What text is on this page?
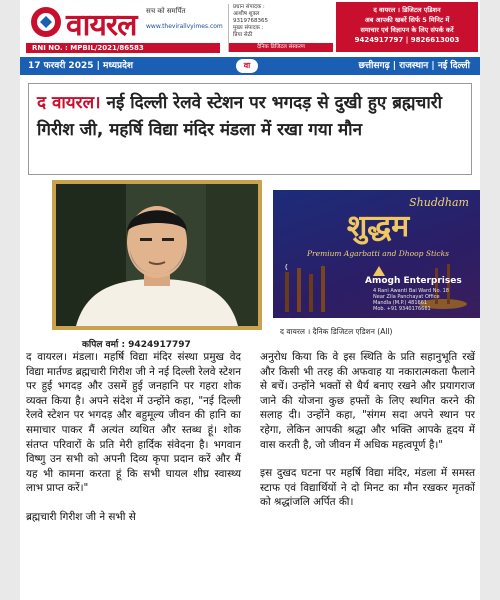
वायरल सच को समर्पित
www.thevirallvyimes.com
RNI NO. : MPBIL/2021/86583
प्रधान संपादक :
आशीष शुक्ल
9319768365
मुख्य संपादक :
प्रिया सेठी
दैनिक डिजिटल संस्करण
द वायरल । डिजिटल एडिशन
अब आपकी खबरें सिर्फ 5 मिनिट में
समाचार एवं विज्ञापन के लिए संपर्क करें
9424917797 | 9826613003
17 फरवरी 2025 | मध्यप्रदेश	वा	छत्तीसगढ़ | राजस्थान | नई दिल्ली
द वायरल। नई दिल्ली रेलवे स्टेशन पर भगदड़ से दुखी हुए ब्रह्मचारी गिरीश जी, महर्षि विद्या मंदिर मंडला में रखा गया मौन
कपिल वर्मा : 9424917797
Shuddham
शुद्धम
Premium Agarbatti and Dhoop Sticks
Amogh Enterprises
4 Rani Awanti Bai Ward No. 18
Near Zila Panchayat Office
Mandla (M.P.) 481661
Mob. +91 9340176661
द वायरल । दैनिक डिजिटल एडिशन (All)

द वायरल। मंडला। महर्षि विद्या मंदिर संस्था प्रमुख वेद विद्या मार्तण्ड ब्रह्मचारी गिरीश जी ने नई दिल्ली रेलवे स्टेशन पर हुई भगदड़ और उसमें हुई जनहानि पर गहरा शोक व्यक्त किया है। अपने संदेश में उन्होंने कहा, "नई दिल्ली रेलवे स्टेशन पर भगदड़ और बहुमूल्य जीवन की हानि का समाचार पाकर मैं अत्यंत व्यथित और स्तब्ध हूं। शोक संतप्त परिवारों के प्रति मेरी हार्दिक संवेदना है। भगवान विष्णु उन सभी को अपनी दिव्य कृपा प्रदान करें और मैं यह भी कामना करता हूं कि सभी घायल शीघ्र स्वास्थ्य लाभ प्राप्त करें।"

ब्रह्मचारी गिरीश जी ने सभी से

अनुरोध किया कि वे इस स्थिति के प्रति सहानुभूति रखें और किसी भी तरह की अफवाह या नकारात्मकता फैलाने से बचें। उन्होंने भक्तों से धैर्य बनाए रखने और प्रयागराज जाने की योजना कुछ हफ्तों के लिए स्थगित करने की सलाह दी। उन्होंने कहा, "संगम सदा अपने स्थान पर रहेगा, लेकिन आपकी श्रद्धा और भक्ति आपके हृदय में वास करती है, जो जीवन में अधिक महत्वपूर्ण है।"

इस दुखद घटना पर महर्षि विद्या मंदिर, मंडला में समस्त स्टाफ एवं विद्यार्थियों ने दो मिनट का मौन रखकर मृतकों को श्रद्धांजलि अर्पित की।
